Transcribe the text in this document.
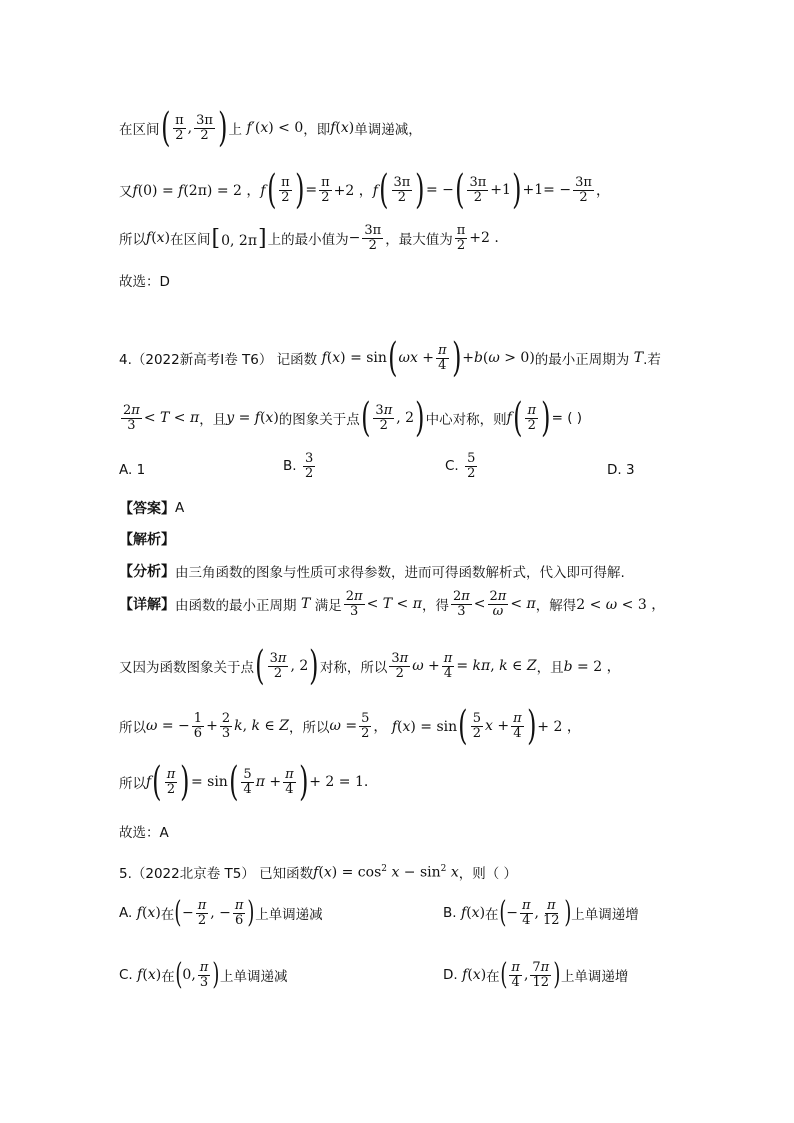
在区间 ( $\frac{\pi}{2}$ , $\frac{3\pi}{2}$ ) 上 f′(x) < 0 ，即 f(x) 单调递减，
又 f(0) = f(2π) = 2 ，f ( $\frac{\pi}{2}$ ) = $\frac{\pi}{2} +2$ ，f ( $\frac{3\pi}{2}$ ) = − ( $\frac{3\pi}{2} +1$ ) $+1= - \frac{3\pi}{2}$ ，
所以 f(x) 在区间 [0, 2π] 上的最小值为 − $\frac{3\pi}{2}$ ，最大值为 $\frac{\pi}{2} +2$ .
故选：D
4.（2022新高考Ⅰ卷 T6） 记函数 f(x) = sin ( $\omega x + \frac{\pi}{4}$ ) +b(ω > 0) 的最小正周期为 T .若
$\frac{2\pi}{3} < T < \pi$ ，且 y = f(x) 的图象关于点 ( $\frac{3\pi}{2}$ , 2 ) 中心对称，则 f ( $\frac{\pi}{2}$ ) = ( )
A. 1	B.
$\frac{3}{2}$	C.
$\frac{5}{2}$	D. 3
【答案】 A
【解析】
【分析】 由三角函数的图象与性质可求得参数，进而可得函数解析式，代入即可得解.
【详解】 由函数的最小正周期 T 满足 $\frac{2\pi}{3} < T < \pi$ ，得 $\frac{2\pi}{3} < \frac{2\pi}{\omega} < \pi$ ，解得 2 < ω < 3 ，
又因为函数图象关于点 ( $\frac{3\pi}{2}$ , 2 ) 对称，所以 $\frac{3\pi}{2}$ $\omega + \frac{\pi}{4} = k\pi$, k ∈ Z ，且 b = 2 ，
所以 ω = − $\frac{1}{6} + \frac{2}{3} k$, k ∈ Z ，所以 $\omega = \frac{5}{2}$ ， f(x) = sin ( $\frac{5}{2}$ $x + \frac{\pi}{4}$ ) + 2 ，
所以 f ( $\frac{\pi}{2}$ ) = sin ( $\frac{5}{4}$ $\pi + \frac{\pi}{4}$ ) + 2 = 1.
故选：A
5.（2022北京卷 T5） 已知函数 $f(x) = \cos^2 x - \sin^2 x$ ，则（ ）
A.
f(x) 在 ( − $\frac{\pi}{2}$ , − $\frac{\pi}{6}$ ) 上单调递减	B.
f(x) 在 ( − $\frac{\pi}{4}$ , $\frac{\pi}{12}$ ) 上单调递增
C.
f(x) 在 ( 0, $\frac{\pi}{3}$ ) 上单调递减	D.
f(x) 在 ( $\frac{\pi}{4}$ , $\frac{7\pi}{12}$ ) 上单调递增
